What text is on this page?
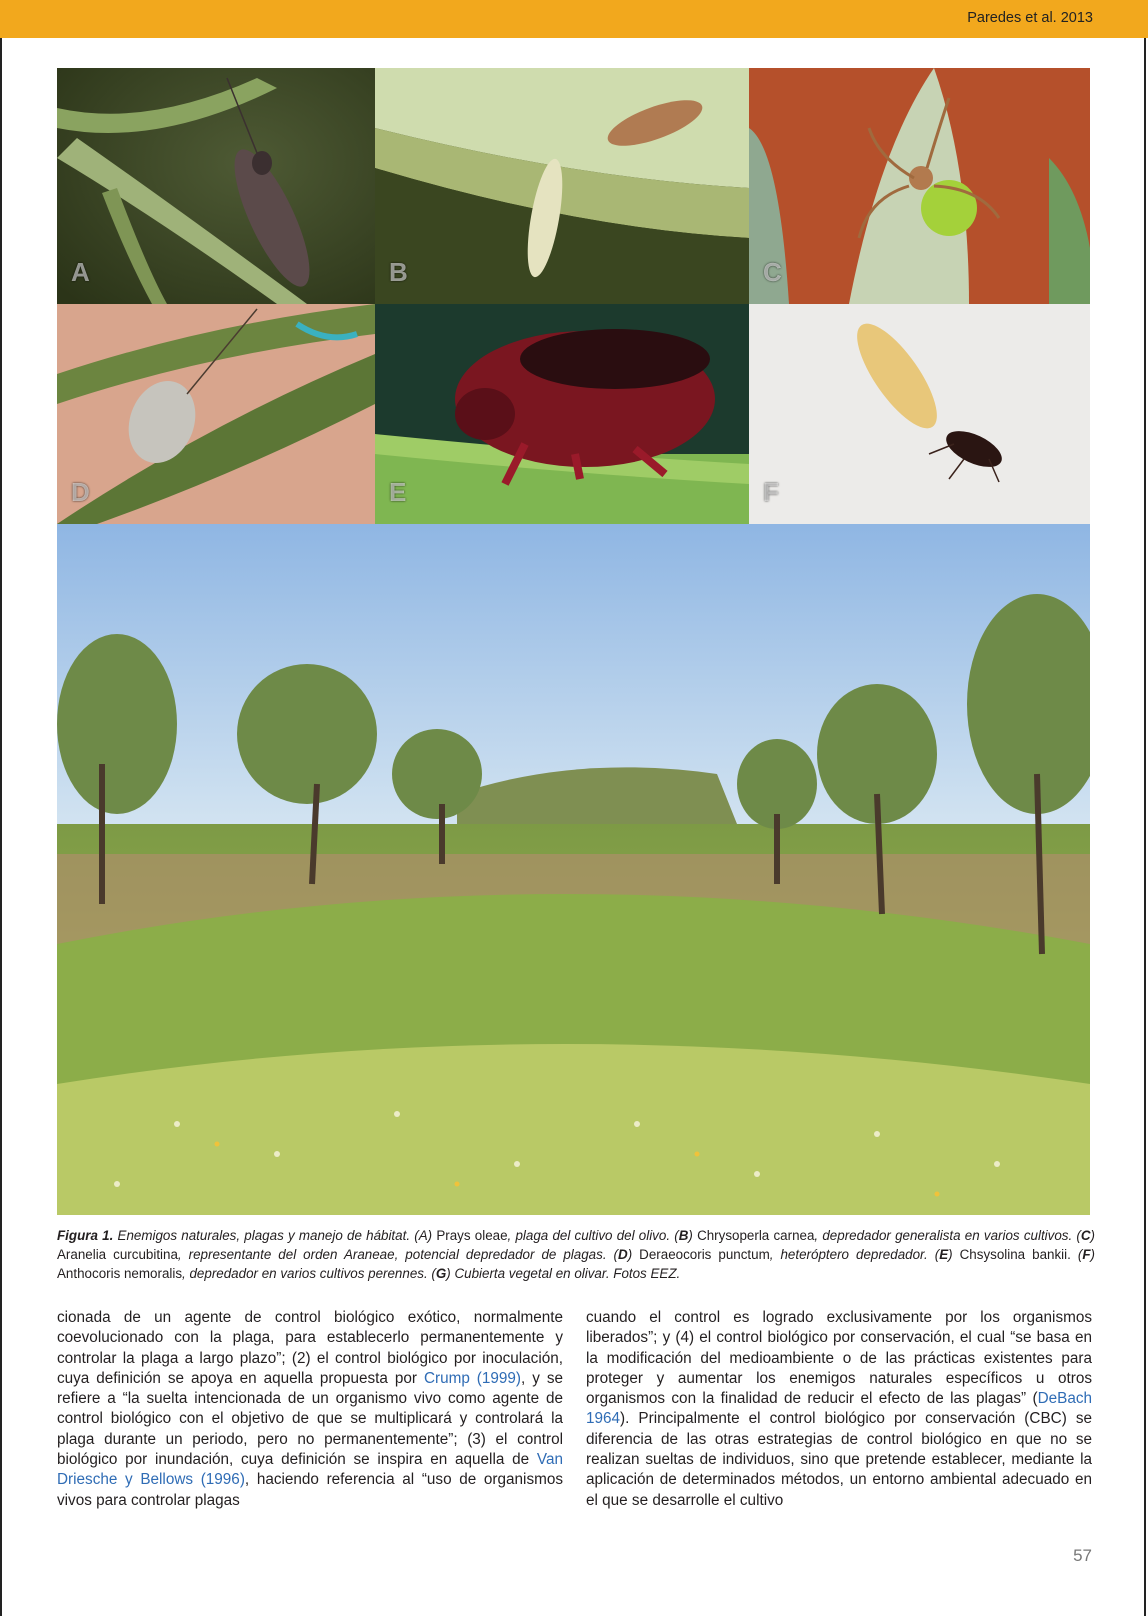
Paredes et al. 2013
A	B	C
D	E	F
Figura 1. Enemigos naturales, plagas y manejo de hábitat. (A) Prays oleae, plaga del cultivo del olivo. (B) Chrysoperla carnea, depredador generalista en varios cultivos. (C) Aranelia curcubitina, representante del orden Araneae, potencial depredador de plagas. (D) Deraeocoris punctum, heteróptero depredador. (E) Chsysolina bankii. (F) Anthocoris nemoralis, depredador en varios cultivos perennes. (G) Cubierta vegetal en olivar. Fotos EEZ.
cionada de un agente de control biológico exótico, normalmente coevolucionado con la plaga, para establecerlo permanentemente y controlar la plaga a largo plazo”; (2) el control biológico por inoculación, cuya definición se apoya en aquella propuesta por Crump (1999), y se refiere a “la suelta intencionada de un organismo vivo como agente de control biológico con el objetivo de que se multiplicará y controlará la plaga durante un periodo, pero no permanentemente”; (3) el control biológico por inundación, cuya definición se inspira en aquella de Van Driesche y Bellows (1996), haciendo referencia al “uso de organismos vivos para controlar plagas
cuando el control es logrado exclusivamente por los organismos liberados”; y (4) el control biológico por conservación, el cual “se basa en la modificación del medioambiente o de las prácticas existentes para proteger y aumentar los enemigos naturales específicos u otros organismos con la finalidad de reducir el efecto de las plagas” (DeBach 1964). Principalmente el control biológico por conservación (CBC) se diferencia de las otras estrategias de control biológico en que no se realizan sueltas de individuos, sino que pretende establecer, mediante la aplicación de determinados métodos, un entorno ambiental adecuado en el que se desarrolle el cultivo
57
